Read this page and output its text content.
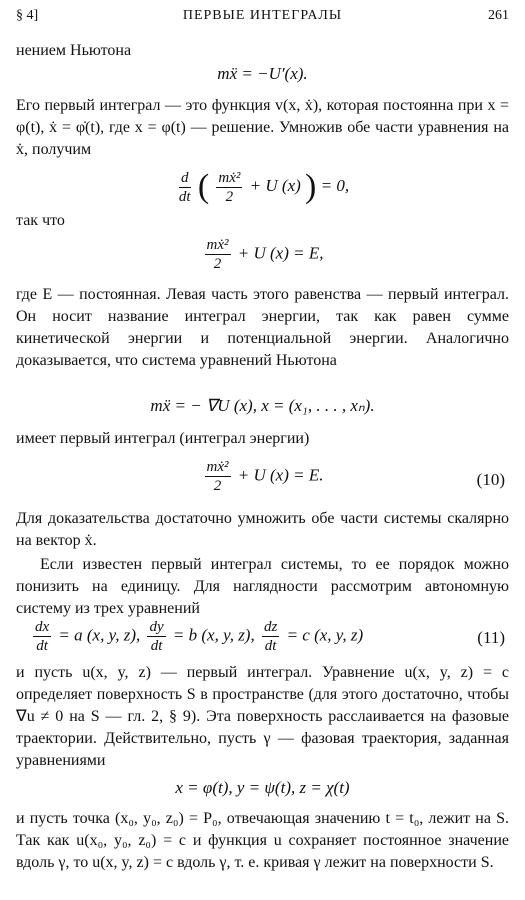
§ 4]	ПЕРВЫЕ ИНТЕГРАЛЫ	261
нением Ньютона
mẍ = −U′(x).
Его первый интеграл — это функция v(x, ẋ), которая постоянна при x = φ(t), ẋ = φ̇(t), где x = φ(t) — решение. Умножив обе части уравнения на ẋ, получим
$\frac{d}{dt}$ ( $\frac{\text{mẋ²}}{2} + U$ (x) ) = 0,
так что
$\frac{\text{mẋ²}}{2} + U$ (x) = E,
где E — постоянная. Левая часть этого равенства — первый интеграл. Он носит название интеграл энергии, так как равен сумме кинетической энергии и потенциальной энергии. Аналогично доказывается, что система уравнений Ньютона
mẍ = − ∇U (x), x = (x₁, . . . , xₙ).
имеет первый интеграл (интеграл энергии)
$\frac{\text{mẋ²}}{2} + U$ (x) = E.	(10)
Для доказательства достаточно умножить обе части системы скалярно на вектор ẋ.
Если известен первый интеграл системы, то ее порядок можно понизить на единицу. Для наглядности рассмотрим автономную систему из трех уравнений
$\frac{dx}{dt} = a$ (x, y, z), $\frac{dy}{dt} = b$ (x, y, z), $\frac{dz}{dt} = c$ (x, y, z)	(11)
и пусть u(x, y, z) — первый интеграл. Уравнение u(x, y, z) = c определяет поверхность S в пространстве (для этого достаточно, чтобы ∇u ≠ 0 на S — гл. 2, § 9). Эта поверхность расслаивается на фазовые траектории. Действительно, пусть γ — фазовая траектория, заданная уравнениями
x = φ(t), y = ψ(t), z = χ(t)
и пусть точка (x₀, y₀, z₀) = P₀, отвечающая значению t = t₀, лежит на S. Так как u(x₀, y₀, z₀) = c и функция u сохраняет постоянное значение вдоль γ, то u(x, y, z) = c вдоль γ, т. е. кривая γ лежит на поверхности S.
